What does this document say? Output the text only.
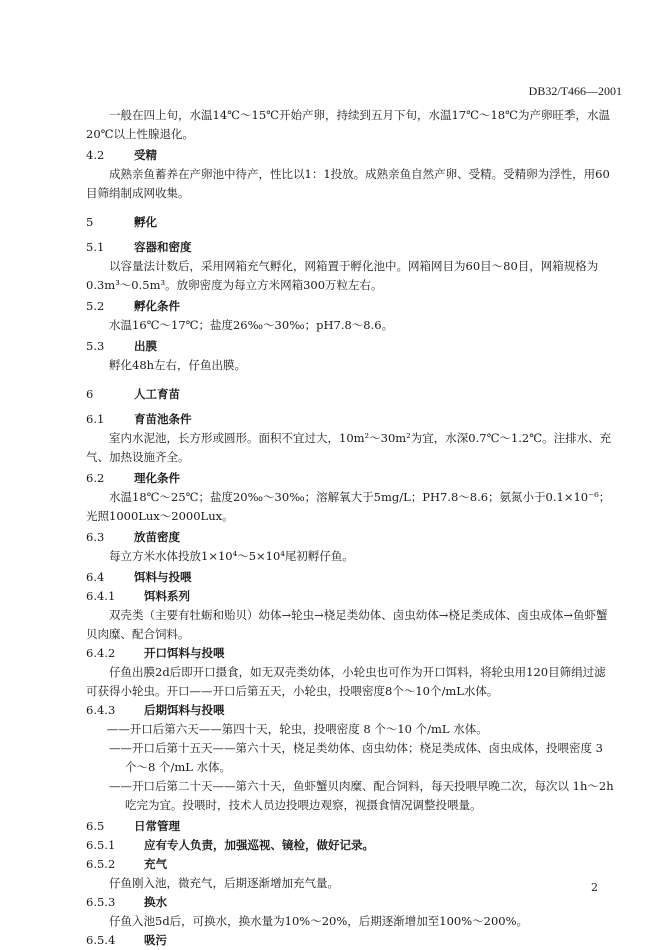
DB32/T466—2001

一般在四上旬，水温14℃～15℃开始产卵，持续到五月下旬，水温17℃～18℃为产卵旺季，水温20℃以上性腺退化。

4.2	受精

成熟亲鱼蓄养在产卵池中待产，性比以1：1投放。成熟亲鱼自然产卵、受精。受精卵为浮性，用60目筛绢制成网收集。

5	孵化
5.1	容器和密度

以容量法计数后，采用网箱充气孵化，网箱置于孵化池中。网箱网目为60目～80目，网箱规格为0.3m³～0.5m³。放卵密度为每立方米网箱300万粒左右。

5.2	孵化条件

水温16℃～17℃；盐度26‰～30‰；pH7.8～8.6。

5.3	出膜

孵化48h左右，仔鱼出膜。

6	人工育苗
6.1	育苗池条件

室内水泥池，长方形或圆形。面积不宜过大，10m²～30m²为宜，水深0.7℃～1.2℃。注排水、充气、加热设施齐全。

6.2	理化条件

水温18℃～25℃；盐度20‰～30‰；溶解氧大于5mg/L；PH7.8～8.6；氨氮小于0.1×10⁻⁶；光照1000Lux～2000Lux。

6.3	放苗密度

每立方米水体投放1×10⁴～5×10⁴尾初孵仔鱼。

6.4	饵料与投喂
6.4.1	饵料系列

双壳类（主要有牡蛎和贻贝）幼体→轮虫→桡足类幼体、卤虫幼体→桡足类成体、卤虫成体→鱼虾蟹贝肉糜、配合饲料。

6.4.2	开口饵料与投喂

仔鱼出膜2d后即开口摄食，如无双壳类幼体，小轮虫也可作为开口饵料，将轮虫用120目筛绢过滤可获得小轮虫。开口——开口后第五天，小轮虫，投喂密度8个～10个/mL水体。

6.4.3	后期饵料与投喂

——开口后第六天——第四十天，轮虫，投喂密度 8 个～10 个/mL 水体。

——开口后第十五天——第六十天，桡足类幼体、卤虫幼体；桡足类成体、卤虫成体，投喂密度 3 个～8 个/mL 水体。

——开口后第二十天——第六十天，鱼虾蟹贝肉糜、配合饲料，每天投喂早晚二次，每次以 1h～2h 吃完为宜。投喂时，技术人员边投喂边观察，视摄食情况调整投喂量。

6.5	日常管理
6.5.1	应有专人负责，加强巡视、镜检，做好记录。
6.5.2	充气

仔鱼刚入池，微充气，后期逐渐增加充气量。

6.5.3	换水

仔鱼入池5d后，可换水，换水量为10%～20%，后期逐渐增加至100%～200%。

6.5.4	吸污
2
